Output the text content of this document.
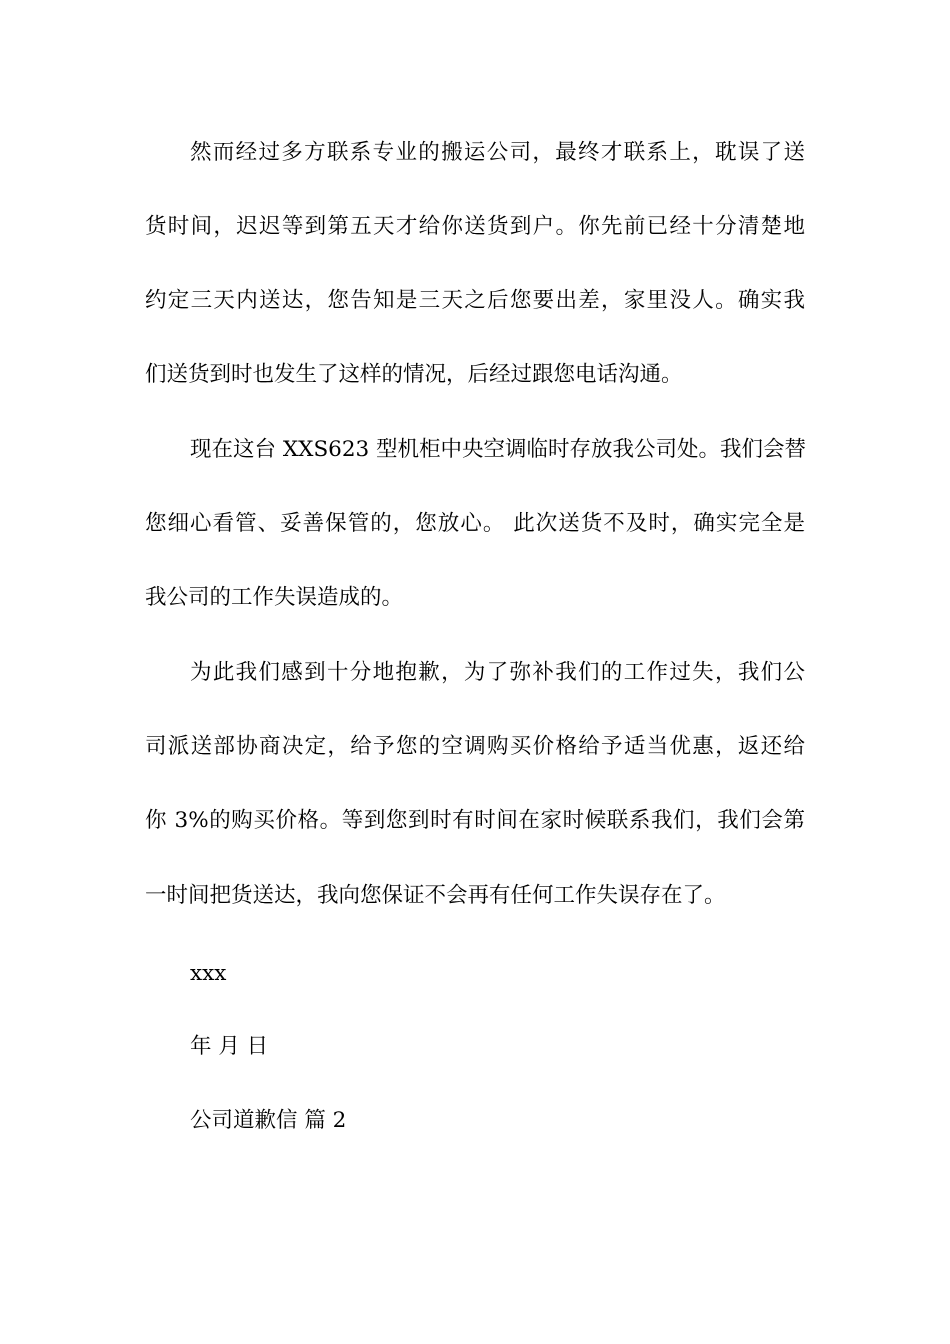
然而经过多方联系专业的搬运公司，最终才联系上，耽误了送
货时间，迟迟等到第五天才给你送货到户。你先前已经十分清楚地
约定三天内送达，您告知是三天之后您要出差，家里没人。确实我
们送货到时也发生了这样的情况，后经过跟您电话沟通。
现在这台 XXS623 型机柜中央空调临时存放我公司处。我们会替
您细心看管、妥善保管的，您放心。 此次送货不及时，确实完全是
我公司的工作失误造成的。
为此我们感到十分地抱歉，为了弥补我们的工作过失，我们公
司派送部协商决定，给予您的空调购买价格给予适当优惠，返还给
你 3%的购买价格。等到您到时有时间在家时候联系我们，我们会第
一时间把货送达，我向您保证不会再有任何工作失误存在了。
xxx
年 月 日
公司道歉信 篇 2
